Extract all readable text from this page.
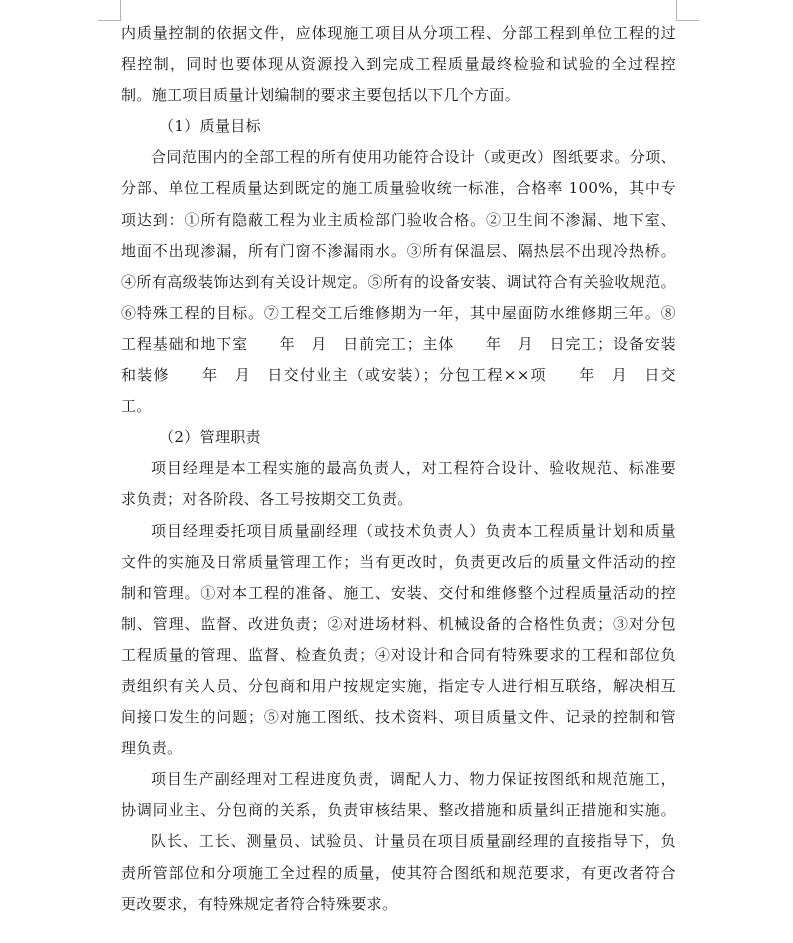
内质量控制的依据文件，应体现施工项目从分项工程、分部工程到单位工程的过
程控制，同时也要体现从资源投入到完成工程质量最终检验和试验的全过程控
制。施工项目质量计划编制的要求主要包括以下几个方面。
（1）质量目标
合同范围内的全部工程的所有使用功能符合设计（或更改）图纸要求。分项、
分部、单位工程质量达到既定的施工质量验收统一标准，合格率 100%，其中专
项达到：①所有隐蔽工程为业主质检部门验收合格。②卫生间不渗漏、地下室、
地面不出现渗漏，所有门窗不渗漏雨水。③所有保温层、隔热层不出现冷热桥。
④所有高级装饰达到有关设计规定。⑤所有的设备安装、调试符合有关验收规范。
⑥特殊工程的目标。⑦工程交工后维修期为一年，其中屋面防水维修期三年。⑧
工程基础和地下室　　年　月　日前完工；主体　　年　月　日完工；设备安装
和装修　　年　月　日交付业主（或安装）；分包工程××项　　年　月　日交
工。
（2）管理职责
项目经理是本工程实施的最高负责人，对工程符合设计、验收规范、标准要
求负责；对各阶段、各工号按期交工负责。
项目经理委托项目质量副经理（或技术负责人）负责本工程质量计划和质量
文件的实施及日常质量管理工作；当有更改时，负责更改后的质量文件活动的控
制和管理。①对本工程的准备、施工、安装、交付和维修整个过程质量活动的控
制、管理、监督、改进负责；②对进场材料、机械设备的合格性负责；③对分包
工程质量的管理、监督、检查负责；④对设计和合同有特殊要求的工程和部位负
责组织有关人员、分包商和用户按规定实施，指定专人进行相互联络，解决相互
间接口发生的问题；⑤对施工图纸、技术资料、项目质量文件、记录的控制和管
理负责。
项目生产副经理对工程进度负责，调配人力、物力保证按图纸和规范施工，
协调同业主、分包商的关系，负责审核结果、整改措施和质量纠正措施和实施。
队长、工长、测量员、试验员、计量员在项目质量副经理的直接指导下，负
责所管部位和分项施工全过程的质量，使其符合图纸和规范要求，有更改者符合
更改要求，有特殊规定者符合特殊要求。
